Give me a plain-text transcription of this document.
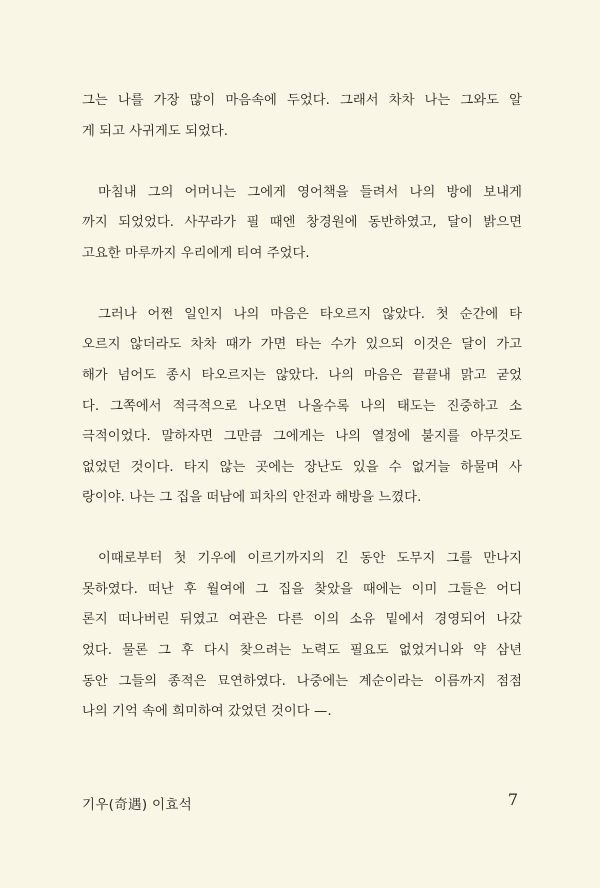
그는 나를 가장 많이 마음속에 두었다. 그래서 차차 나는 그와도 알
게 되고 사귀게도 되었다.

마침내 그의 어머니는 그에게 영어책을 들려서 나의 방에 보내게
까지 되었었다. 사꾸라가 필 때엔 창경원에 동반하였고, 달이 밝으면
고요한 마루까지 우리에게 티여 주었다.

그러나 어쩐 일인지 나의 마음은 타오르지 않았다. 첫 순간에 타
오르지 않더라도 차차 때가 가면 타는 수가 있으되 이것은 달이 가고
해가 넘어도 종시 타오르지는 않았다. 나의 마음은 끝끝내 맑고 굳었
다. 그쪽에서 적극적으로 나오면 나올수록 나의 태도는 진중하고 소
극적이었다. 말하자면 그만큼 그에게는 나의 열정에 불지를 아무것도
없었던 것이다. 타지 않는 곳에는 장난도 있을 수 없거늘 하물며 사
랑이야. 나는 그 집을 떠남에 피차의 안전과 해방을 느꼈다.

이때로부터 첫 기우에 이르기까지의 긴 동안 도무지 그를 만나지
못하였다. 떠난 후 월여에 그 집을 찾았을 때에는 이미 그들은 어디
론지 떠나버린 뒤였고 여관은 다른 이의 소유 밑에서 경영되어 나갔
었다. 물론 그 후 다시 찾으려는 노력도 필요도 없었거니와 약 삼년
동안 그들의 종적은 묘연하였다. 나중에는 계순이라는 이름까지 점점
나의 기억 속에 희미하여 갔었던 것이다 —.

기우(奇遇) 이효석	7
